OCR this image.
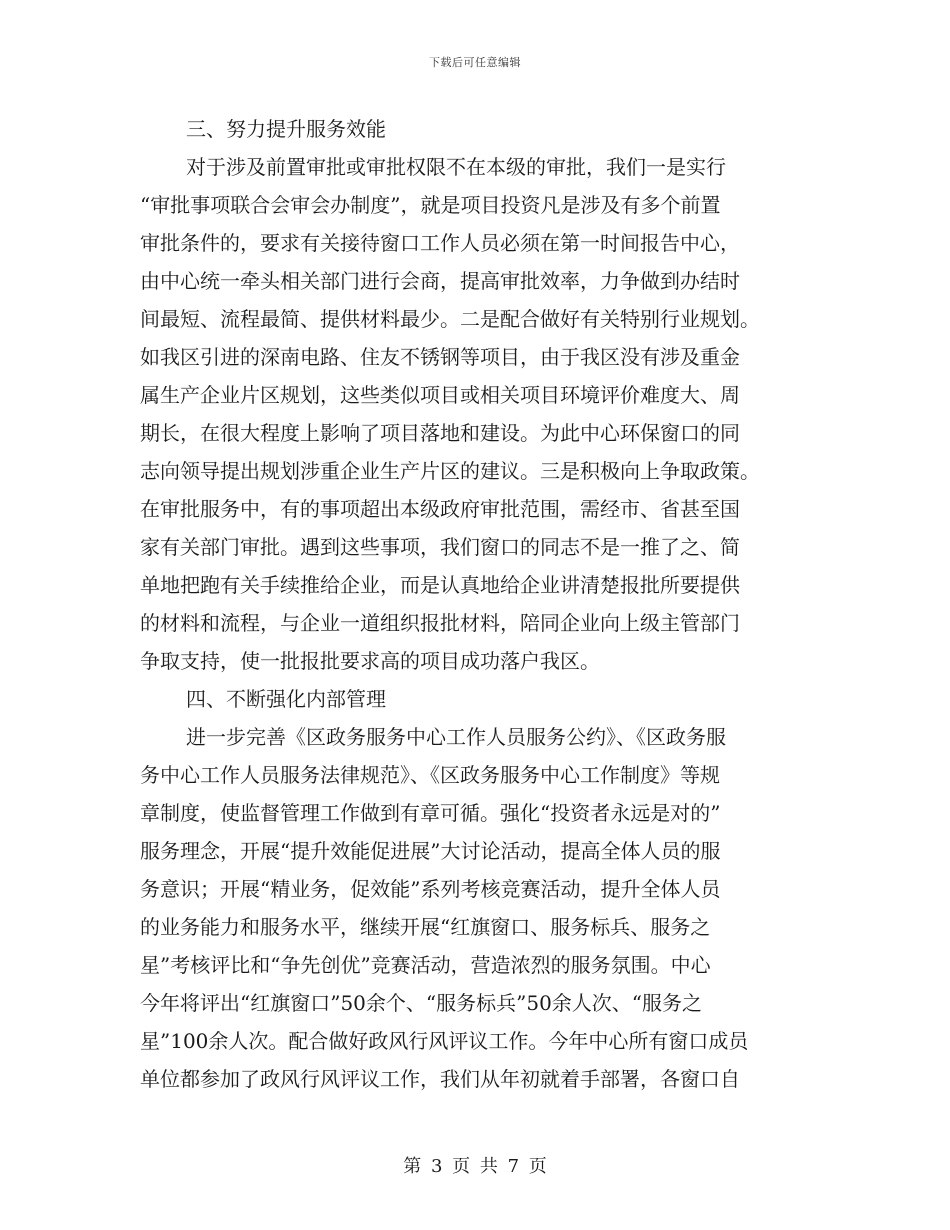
下载后可任意编辑
三、努力提升服务效能
对于涉及前置审批或审批权限不在本级的审批，我们一是实行
“审批事项联合会审会办制度”，就是项目投资凡是涉及有多个前置
审批条件的，要求有关接待窗口工作人员必须在第一时间报告中心，
由中心统一牵头相关部门进行会商，提高审批效率，力争做到办结时
间最短、流程最简、提供材料最少。二是配合做好有关特别行业规划。
如我区引进的深南电路、住友不锈钢等项目，由于我区没有涉及重金
属生产企业片区规划，这些类似项目或相关项目环境评价难度大、周
期长，在很大程度上影响了项目落地和建设。为此中心环保窗口的同
志向领导提出规划涉重企业生产片区的建议。三是积极向上争取政策。
在审批服务中，有的事项超出本级政府审批范围，需经市、省甚至国
家有关部门审批。遇到这些事项，我们窗口的同志不是一推了之、简
单地把跑有关手续推给企业，而是认真地给企业讲清楚报批所要提供
的材料和流程，与企业一道组织报批材料，陪同企业向上级主管部门
争取支持，使一批报批要求高的项目成功落户我区。
四、不断强化内部管理
进一步完善《区政务服务中心工作人员服务公约》、《区政务服
务中心工作人员服务法律规范》、《区政务服务中心工作制度》等规
章制度，使监督管理工作做到有章可循。强化“投资者永远是对的”
服务理念，开展“提升效能促进展”大讨论活动，提高全体人员的服
务意识；开展“精业务，促效能”系列考核竞赛活动，提升全体人员
的业务能力和服务水平，继续开展“红旗窗口、服务标兵、服务之
星”考核评比和“争先创优”竞赛活动，营造浓烈的服务氛围。中心
今年将评出“红旗窗口”50余个、“服务标兵”50余人次、“服务之
星”100余人次。配合做好政风行风评议工作。今年中心所有窗口成员
单位都参加了政风行风评议工作，我们从年初就着手部署，各窗口自
第 3 页 共 7 页
